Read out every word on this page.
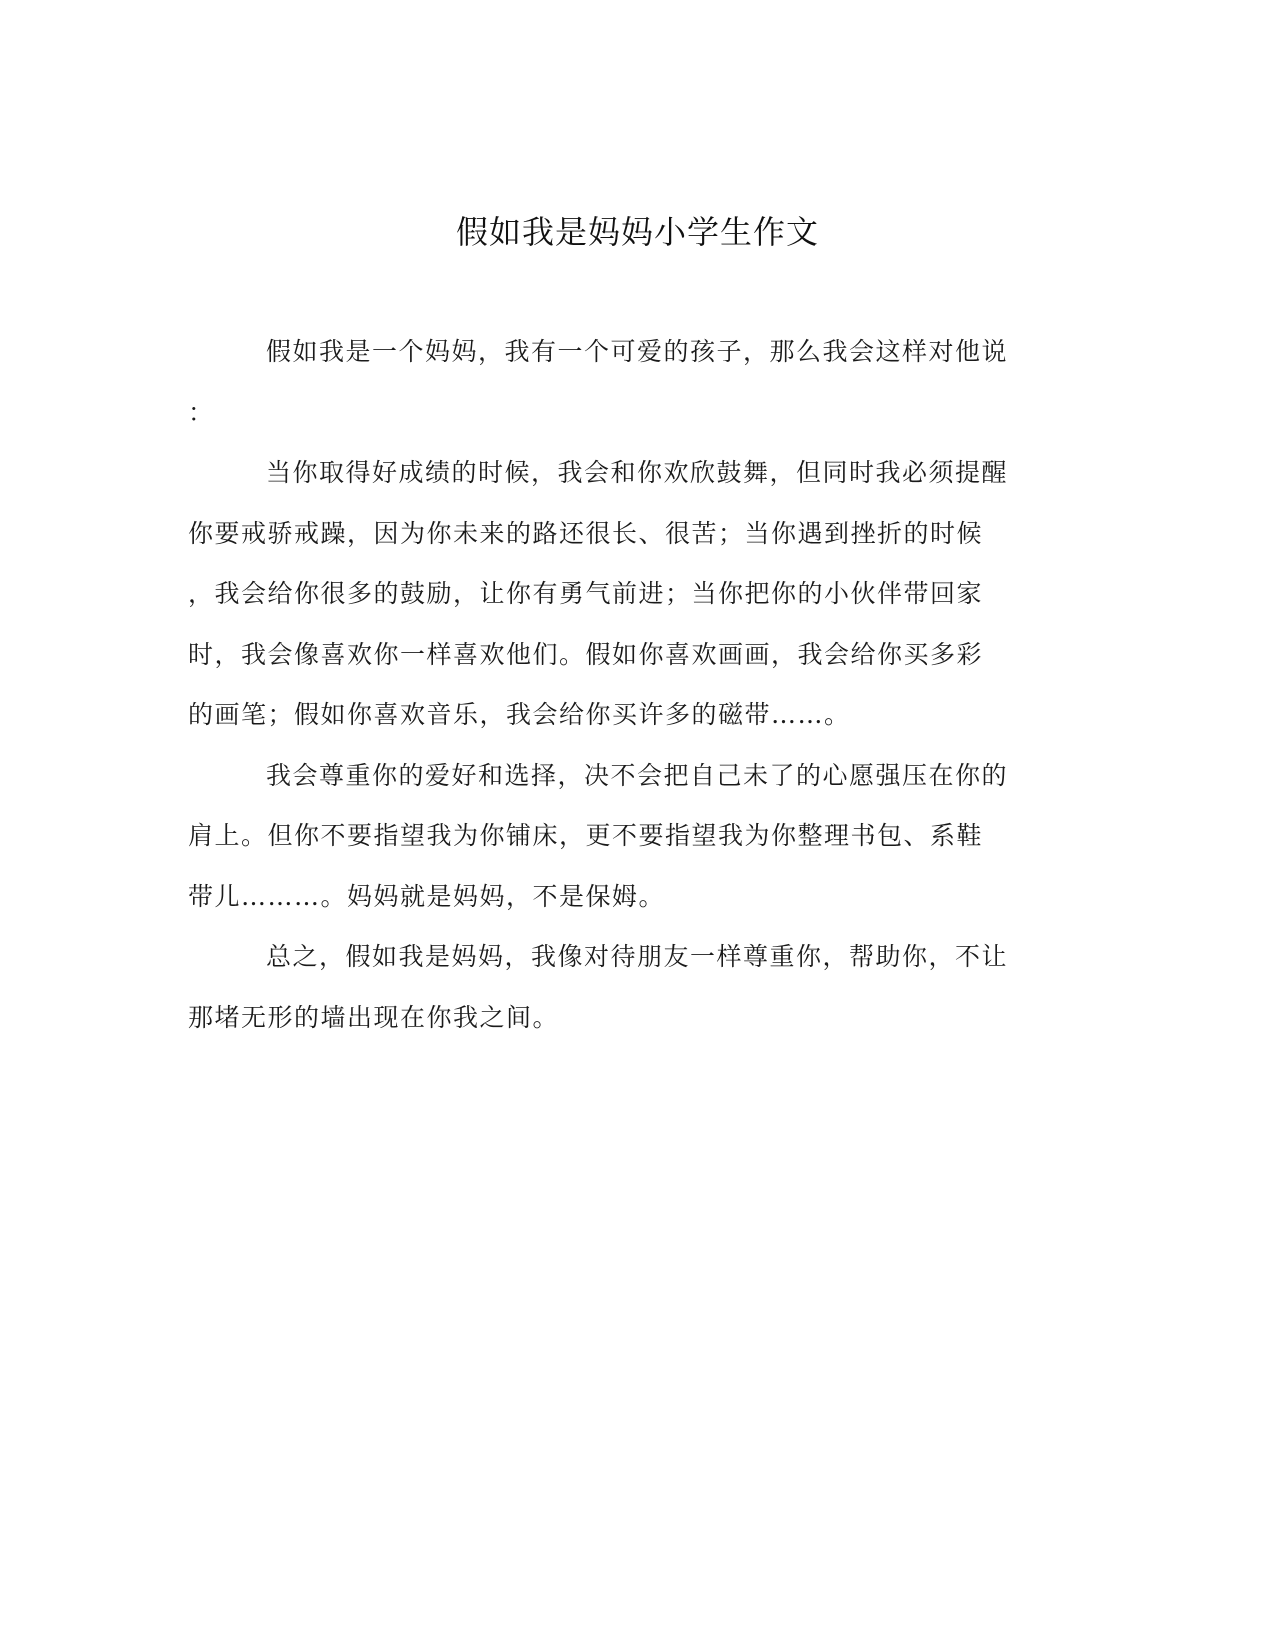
假如我是妈妈小学生作文
假如我是一个妈妈，我有一个可爱的孩子，那么我会这样对他说
：
当你取得好成绩的时候，我会和你欢欣鼓舞，但同时我必须提醒
你要戒骄戒躁，因为你未来的路还很长、很苦；当你遇到挫折的时候
，我会给你很多的鼓励，让你有勇气前进；当你把你的小伙伴带回家
时，我会像喜欢你一样喜欢他们。假如你喜欢画画，我会给你买多彩
的画笔；假如你喜欢音乐，我会给你买许多的磁带……。
我会尊重你的爱好和选择，决不会把自己未了的心愿强压在你的
肩上。但你不要指望我为你铺床，更不要指望我为你整理书包、系鞋
带儿………。妈妈就是妈妈，不是保姆。
总之，假如我是妈妈，我像对待朋友一样尊重你，帮助你，不让
那堵无形的墙出现在你我之间。
